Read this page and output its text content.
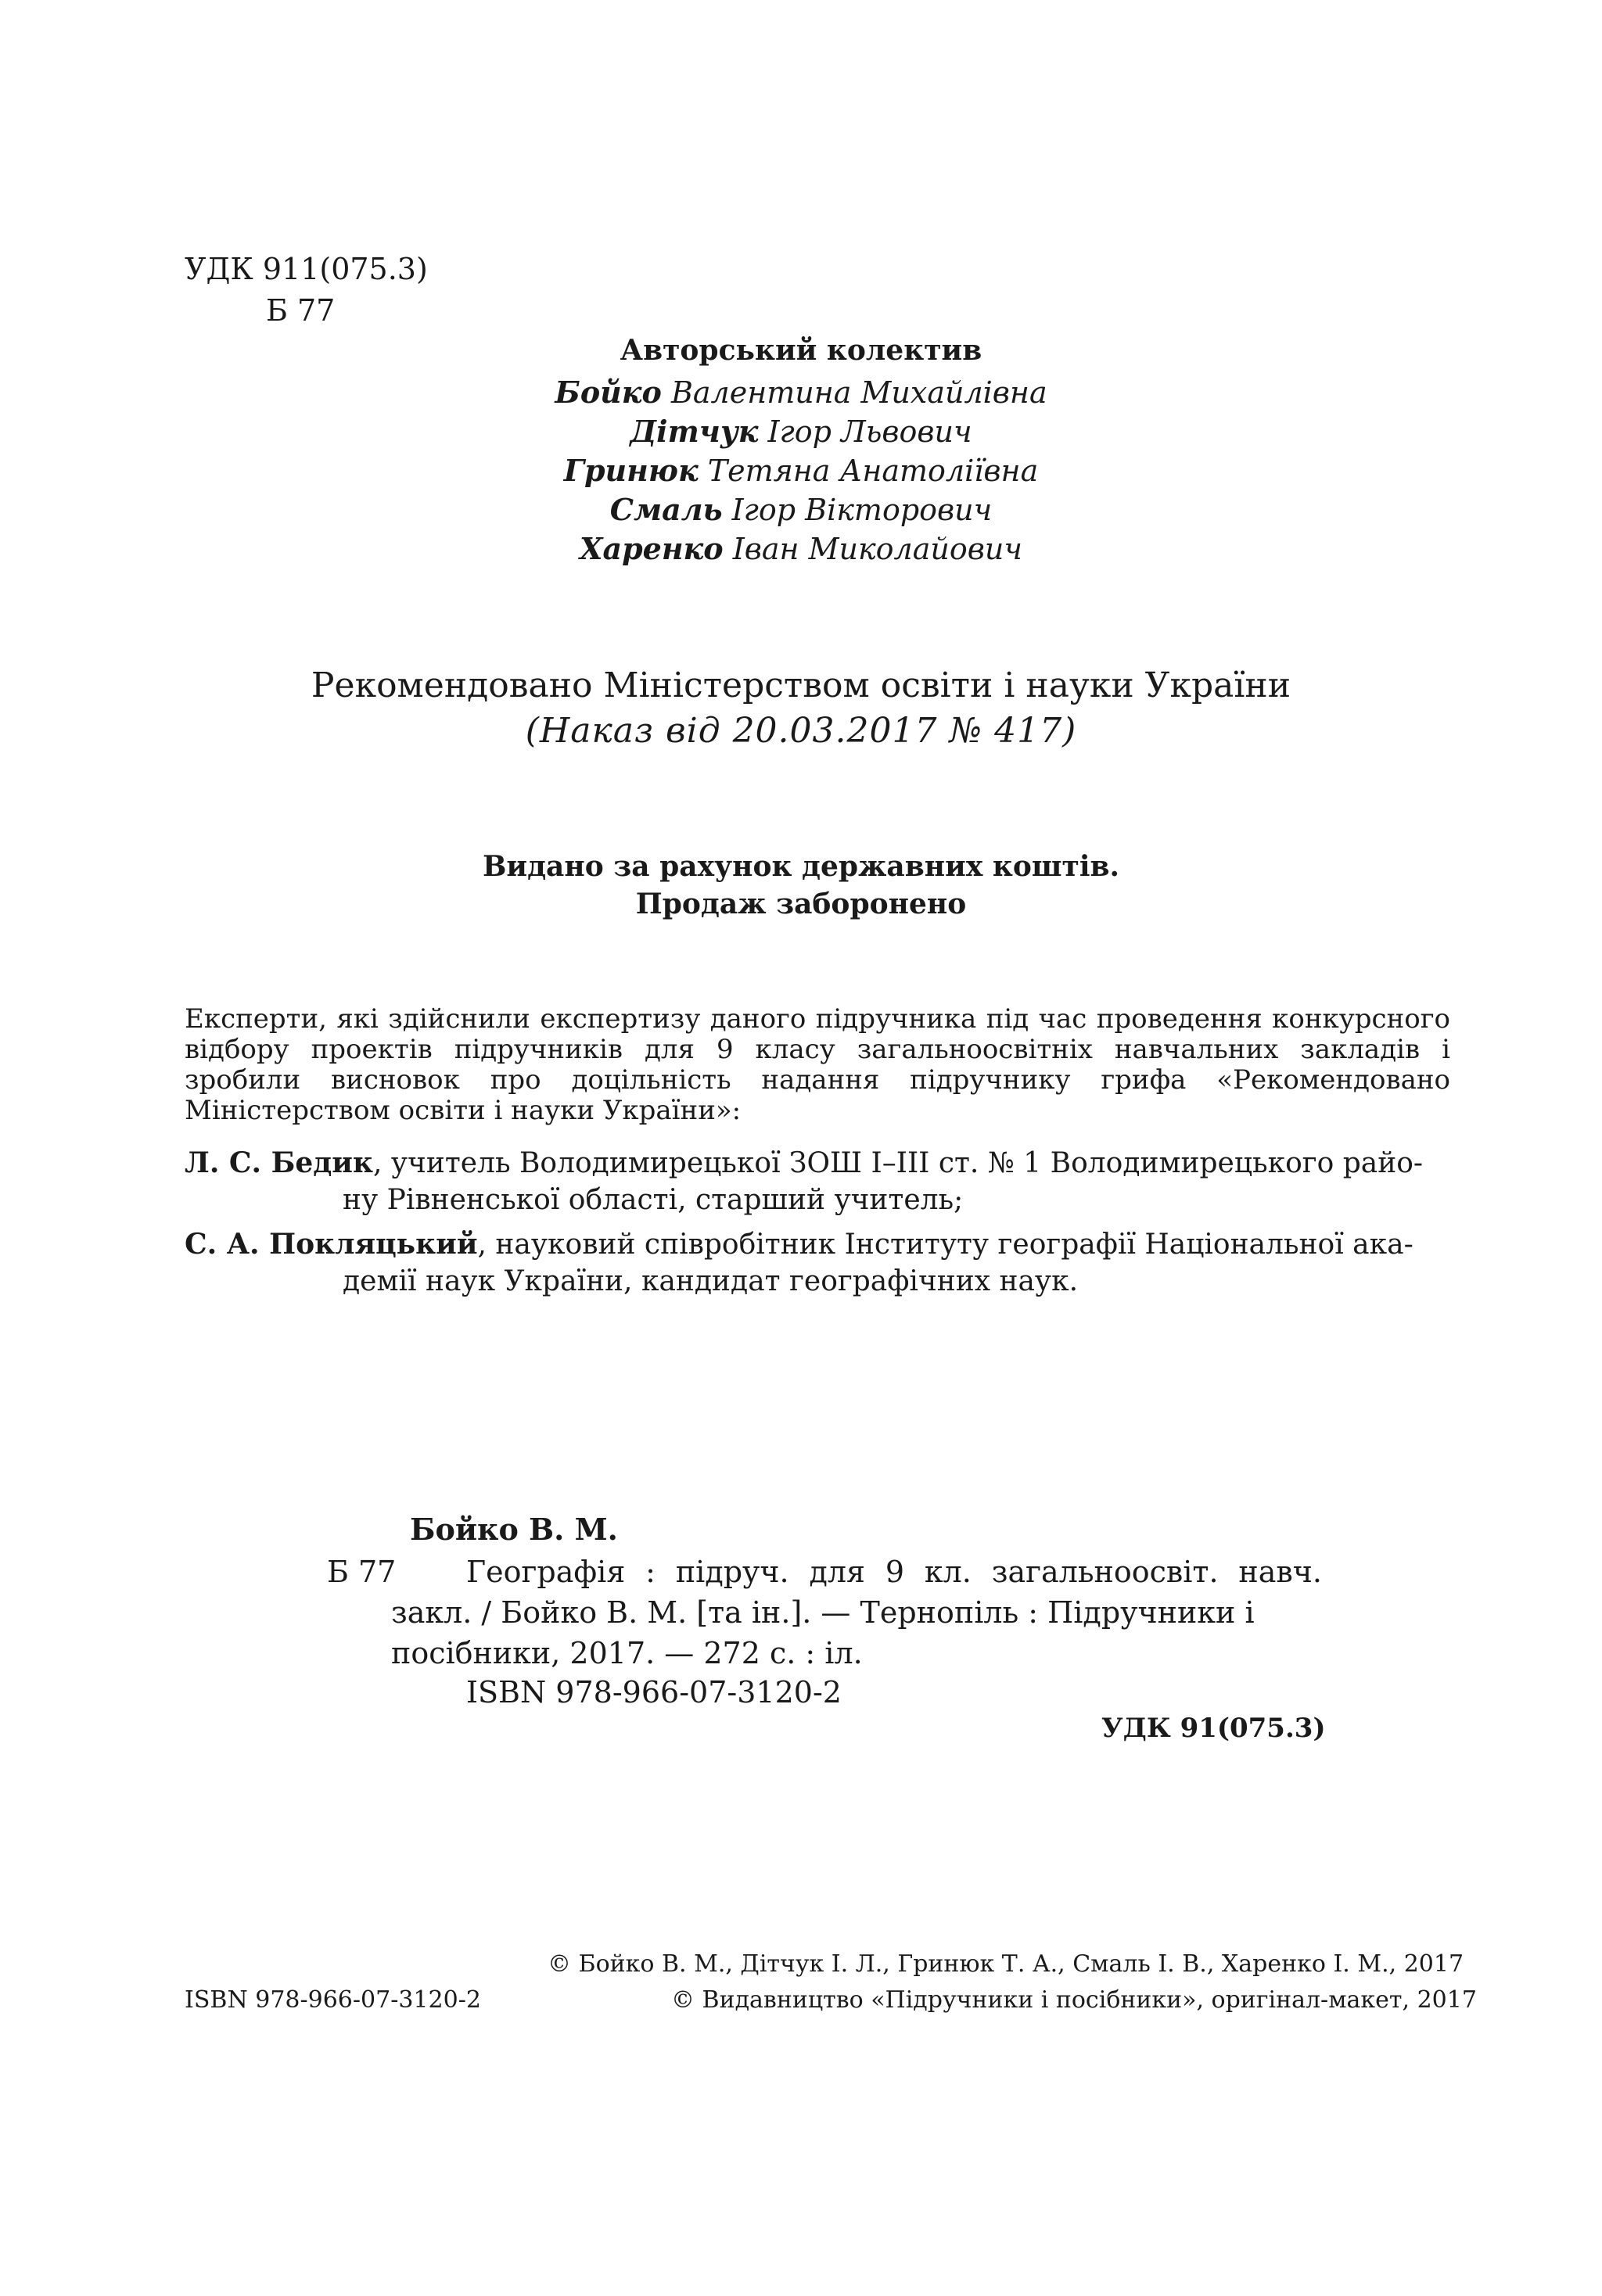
УДК 911(075.3)
Б 77
Авторський колектив
Бойко Валентина Михайлівна
Дітчук Ігор Львович
Гринюк Тетяна Анатоліївна
Смаль Ігор Вікторович
Харенко Іван Миколайович
Рекомендовано Міністерством освіти і науки України
(Наказ від 20.03.2017 № 417)
Видано за рахунок державних коштів.
Продаж заборонено
Експерти, які здійснили експертизу даного підручника під час проведення конкурсного відбору проектів підручників для 9 класу загальноосвітніх навчальних закладів і зробили висновок про доцільність надання підручнику грифа «Рекомендовано Міністерством освіти і науки України»:
Л. С. Бедик, учитель Володимирецької ЗОШ I–III ст. № 1 Володимирецького райо-
ну Рівненської області, старший учитель;
С. А. Покляцький, науковий співробітник Інституту географії Національної ака-
демії наук України, кандидат географічних наук.
Бойко В. М.
Б 77 Географія : підруч. для 9 кл. загальноосвіт. навч.
закл. / Бойко В. М. [та ін.]. — Тернопіль : Підручники і
посібники, 2017. — 272 с. : іл.
ISBN 978-966-07-3120-2
УДК 91(075.3)
© Бойко В. М., Дітчук І. Л., Гринюк Т. А., Смаль І. В., Харенко І. М., 2017
ISBN 978-966-07-3120-2	© Видавництво «Підручники і посібники», оригінал-макет, 2017
